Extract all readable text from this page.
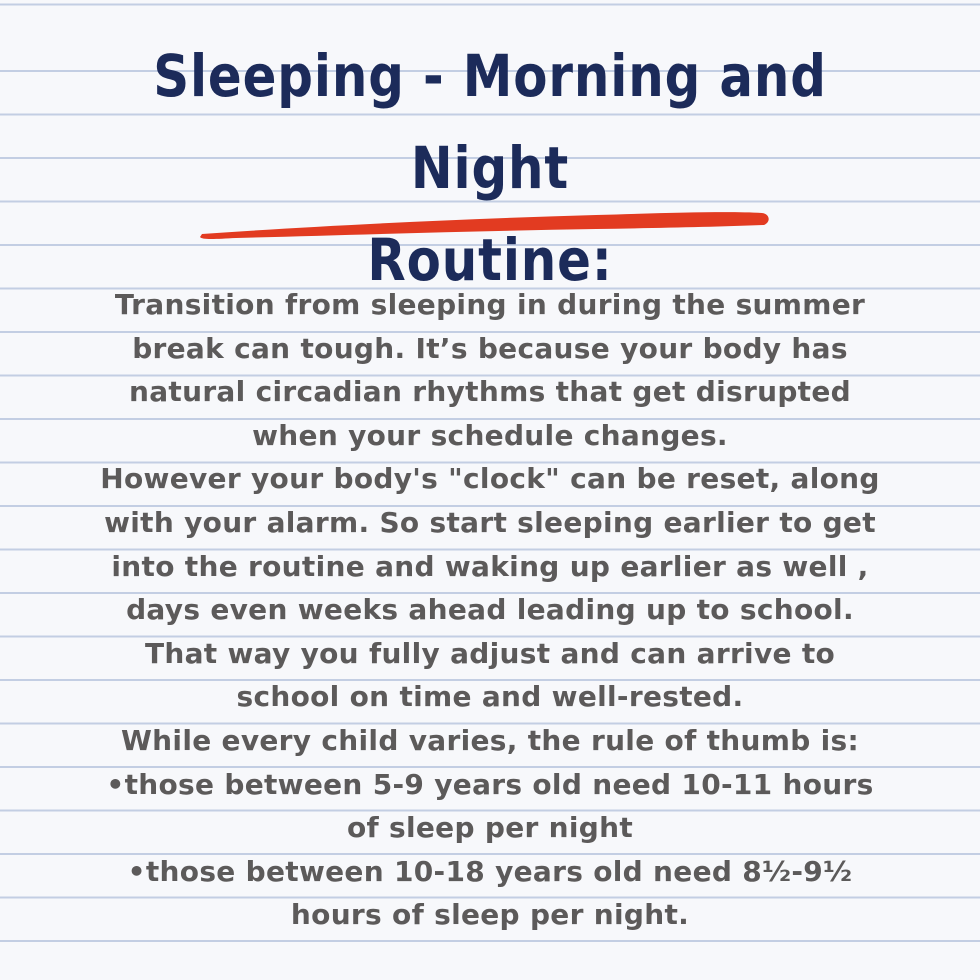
Sleeping - Morning and Night
Routine:
Transition from sleeping in during the summer
break can tough. It’s because your body has
natural circadian rhythms that get disrupted
when your schedule changes.
However your body's "clock" can be reset, along
with your alarm. So start sleeping earlier to get
into the routine and waking up earlier as well ,
days even weeks ahead leading up to school.
That way you fully adjust and can arrive to
school on time and well-rested.
While every child varies, the rule of thumb is:
•those between 5-9 years old need 10-11 hours
of sleep per night
•those between 10-18 years old need 8½-9½
hours of sleep per night.
